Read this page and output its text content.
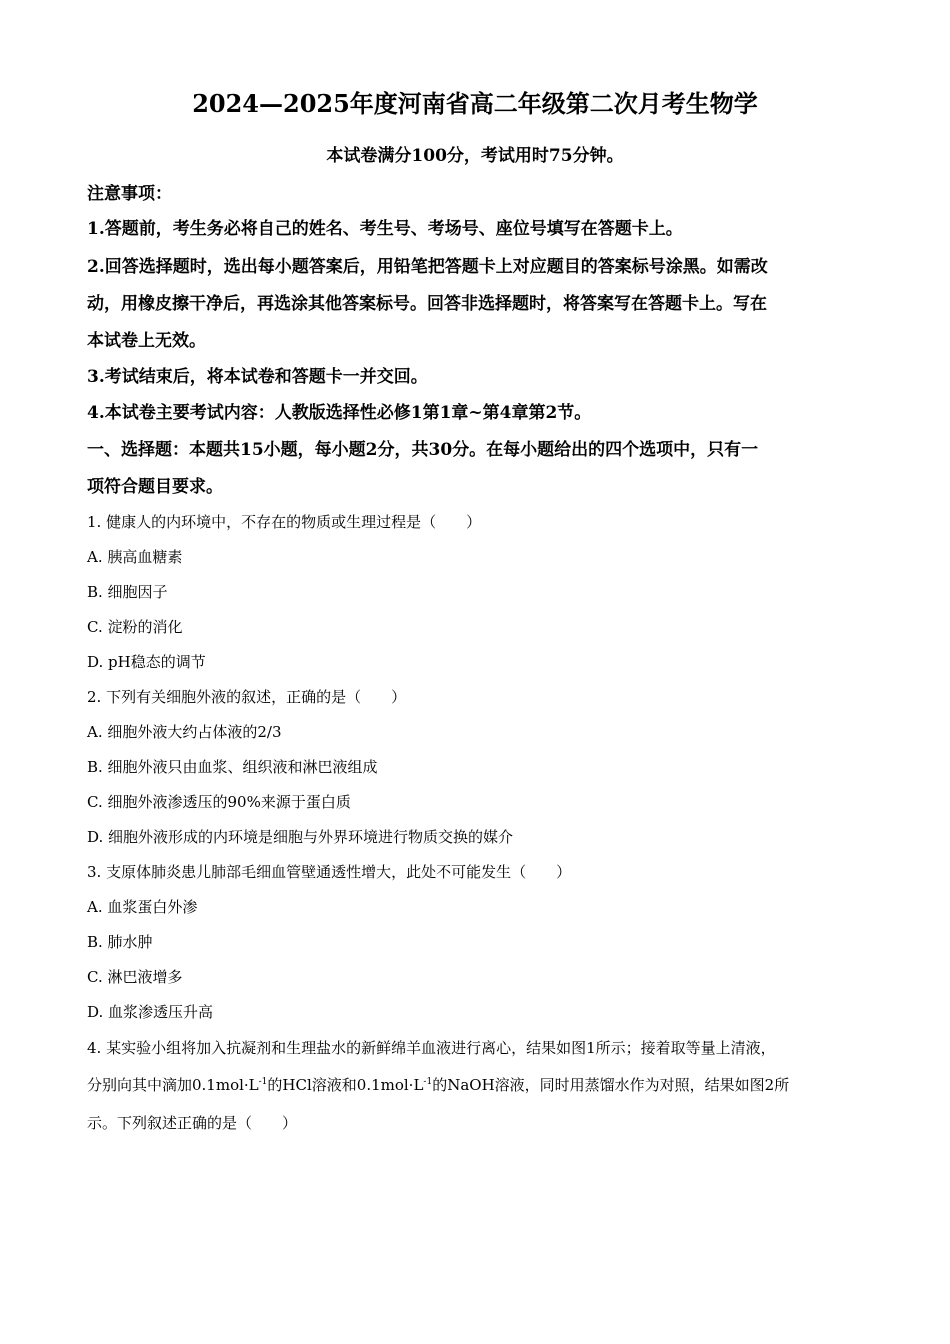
2024—2025年度河南省高二年级第二次月考生物学
本试卷满分100分，考试用时75分钟。
注意事项：
1.答题前，考生务必将自己的姓名、考生号、考场号、座位号填写在答题卡上。
2.回答选择题时，选出每小题答案后，用铅笔把答题卡上对应题目的答案标号涂黑。如需改
动，用橡皮擦干净后，再选涂其他答案标号。回答非选择题时，将答案写在答题卡上。写在
本试卷上无效。
3.考试结束后，将本试卷和答题卡一并交回。
4.本试卷主要考试内容：人教版选择性必修1第1章~第4章第2节。
一、选择题：本题共15小题，每小题2分，共30分。在每小题给出的四个选项中，只有一
项符合题目要求。
1. 健康人的内环境中，不存在的物质或生理过程是（　　）
A. 胰高血糖素
B. 细胞因子
C. 淀粉的消化
D. pH稳态的调节
2. 下列有关细胞外液的叙述，正确的是（　　）
A. 细胞外液大约占体液的2/3
B. 细胞外液只由血浆、组织液和淋巴液组成
C. 细胞外液渗透压的90%来源于蛋白质
D. 细胞外液形成的内环境是细胞与外界环境进行物质交换的媒介
3. 支原体肺炎患儿肺部毛细血管壁通透性增大，此处不可能发生（　　）
A. 血浆蛋白外渗
B. 肺水肿
C. 淋巴液增多
D. 血浆渗透压升高
4. 某实验小组将加入抗凝剂和生理盐水的新鲜绵羊血液进行离心，结果如图1所示；接着取等量上清液，
分别向其中滴加$0.1mol\cdot L^{-1}$的HCl溶液和$0.1mol\cdot L^{-1}$的NaOH溶液，同时用蒸馏水作为对照，结果如图2所
示。下列叙述正确的是（　　）
